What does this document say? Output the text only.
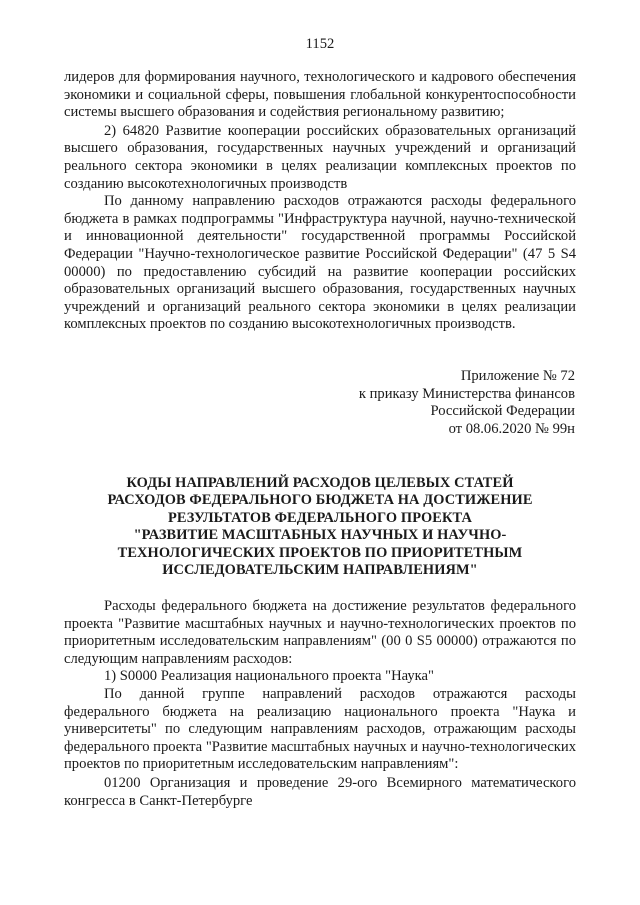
1152

лидеров для формирования научного, технологического и кадрового обеспечения экономики и социальной сферы, повышения глобальной конкурентоспособности системы высшего образования и содействия региональному развитию;

2) 64820 Развитие кооперации российских образовательных организаций высшего образования, государственных научных учреждений и организаций реального сектора экономики в целях реализации комплексных проектов по созданию высокотехнологичных производств

По данному направлению расходов отражаются расходы федерального бюджета в рамках подпрограммы "Инфраструктура научной, научно-технической и инновационной деятельности" государственной программы Российской Федерации "Научно-технологическое развитие Российской Федерации" (47 5 S4 00000) по предоставлению субсидий на развитие кооперации российских образовательных организаций высшего образования, государственных научных учреждений и организаций реального сектора экономики в целях реализации комплексных проектов по созданию высокотехнологичных производств.

Приложение № 72
к приказу Министерства финансов
Российской Федерации
от 08.06.2020 № 99н
КОДЫ НАПРАВЛЕНИЙ РАСХОДОВ ЦЕЛЕВЫХ СТАТЕЙ
РАСХОДОВ ФЕДЕРАЛЬНОГО БЮДЖЕТА НА ДОСТИЖЕНИЕ
РЕЗУЛЬТАТОВ ФЕДЕРАЛЬНОГО ПРОЕКТА
"РАЗВИТИЕ МАСШТАБНЫХ НАУЧНЫХ И НАУЧНО-
ТЕХНОЛОГИЧЕСКИХ ПРОЕКТОВ ПО ПРИОРИТЕТНЫМ
ИССЛЕДОВАТЕЛЬСКИМ НАПРАВЛЕНИЯМ"

Расходы федерального бюджета на достижение результатов федерального проекта "Развитие масштабных научных и научно-технологических проектов по приоритетным исследовательским направлениям" (00 0 S5 00000) отражаются по следующим направлениям расходов:

1) S0000 Реализация национального проекта "Наука"

По данной группе направлений расходов отражаются расходы федерального бюджета на реализацию национального проекта "Наука и университеты" по следующим направлениям расходов, отражающим расходы федерального проекта "Развитие масштабных научных и научно-технологических проектов по приоритетным исследовательским направлениям":

01200 Организация и проведение 29-ого Всемирного математического конгресса в Санкт-Петербурге
